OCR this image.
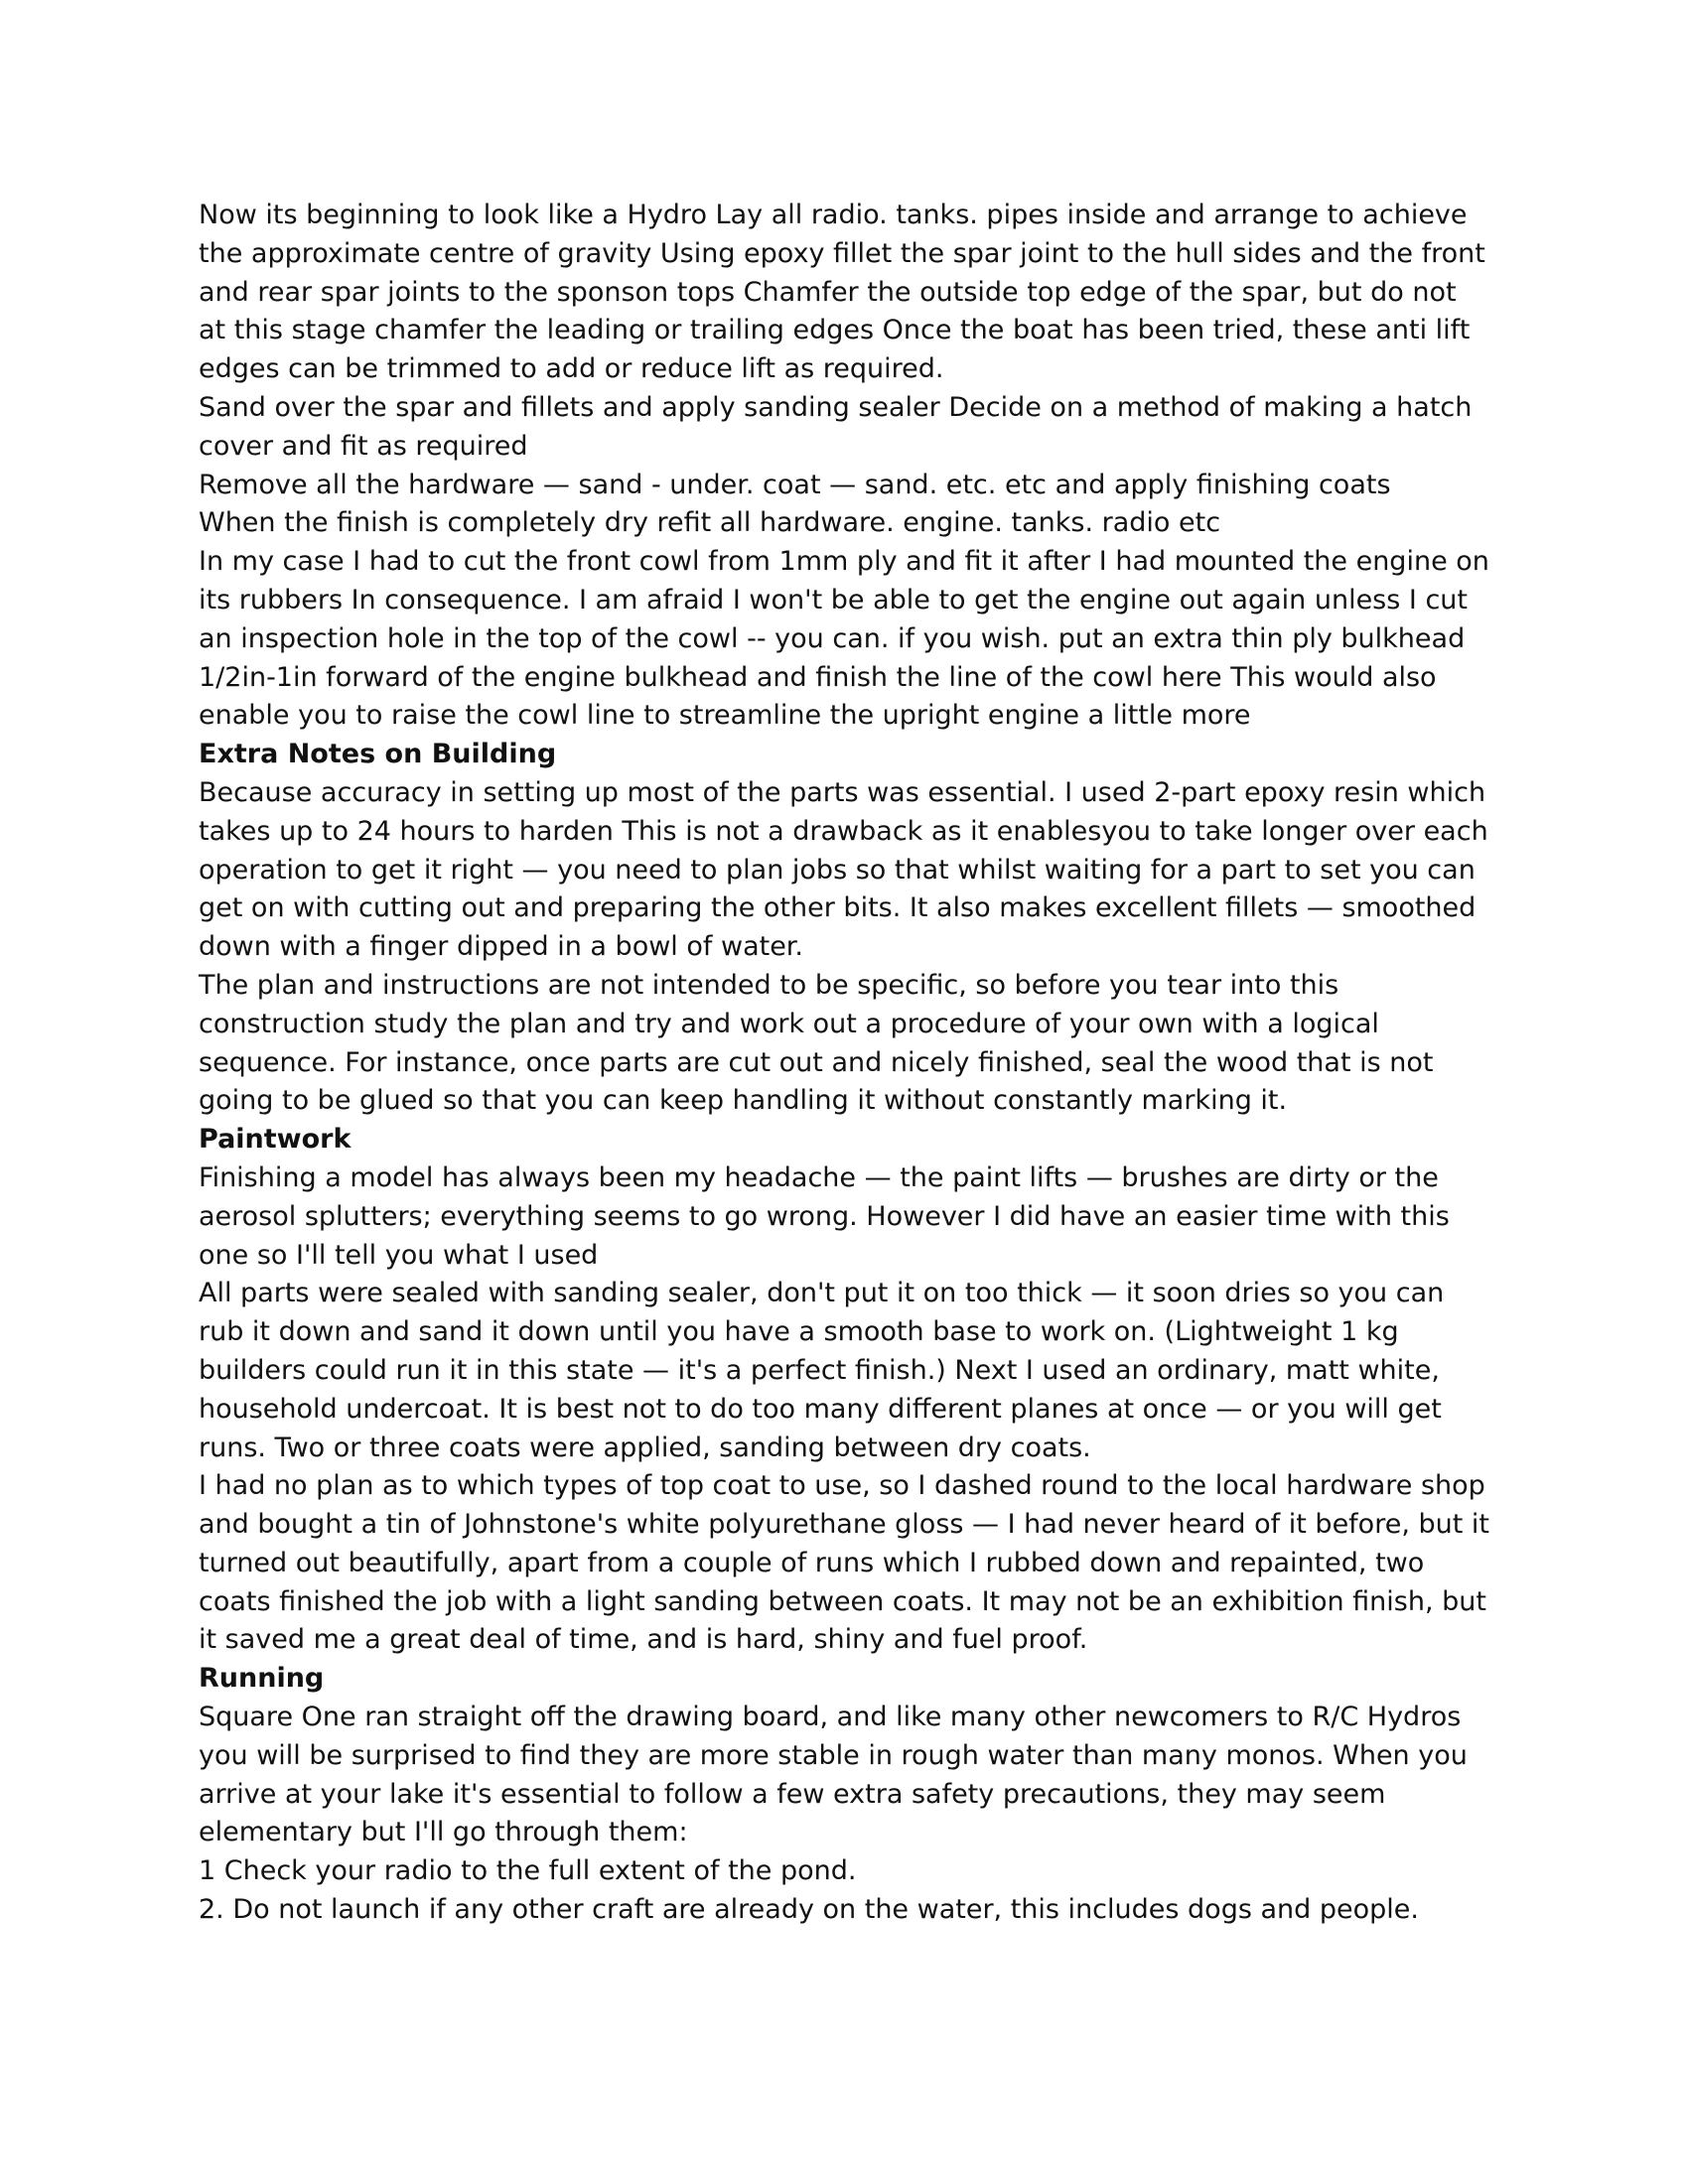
Now its beginning to look like a Hydro Lay all radio. tanks. pipes inside and arrange to achieve the approximate centre of gravity Using epoxy fillet the spar joint to the hull sides and the front and rear spar joints to the sponson tops Chamfer the outside top edge of the spar, but do not at this stage chamfer the leading or trailing edges Once the boat has been tried, these anti lift edges can be trimmed to add or reduce lift as required.

Sand over the spar and fillets and apply sanding sealer Decide on a method of making a hatch cover and fit as required

Remove all the hardware — sand - under. coat — sand. etc. etc and apply finishing coats

When the finish is completely dry refit all hardware. engine. tanks. radio etc

In my case I had to cut the front cowl from 1mm ply and fit it after I had mounted the engine on its rubbers In consequence. I am afraid I won't be able to get the engine out again unless I cut an inspection hole in the top of the cowl -- you can. if you wish. put an extra thin ply bulkhead 1/2in-1in forward of the engine bulkhead and finish the line of the cowl here This would also enable you to raise the cowl line to streamline the upright engine a little more

Extra Notes on Building

Because accuracy in setting up most of the parts was essential. I used 2-part epoxy resin which takes up to 24 hours to harden This is not a drawback as it enablesyou to take longer over each operation to get it right — you need to plan jobs so that whilst waiting for a part to set you can get on with cutting out and preparing the other bits. It also makes excellent fillets — smoothed down with a finger dipped in a bowl of water.

The plan and instructions are not intended to be specific, so before you tear into this construction study the plan and try and work out a procedure of your own with a logical sequence. For instance, once parts are cut out and nicely finished, seal the wood that is not going to be glued so that you can keep handling it without constantly marking it.

Paintwork

Finishing a model has always been my headache — the paint lifts — brushes are dirty or the aerosol splutters; everything seems to go wrong. However I did have an easier time with this one so I'll tell you what I used

All parts were sealed with sanding sealer, don't put it on too thick — it soon dries so you can rub it down and sand it down until you have a smooth base to work on. (Lightweight 1 kg builders could run it in this state — it's a perfect finish.) Next I used an ordinary, matt white, household undercoat. It is best not to do too many different planes at once — or you will get runs. Two or three coats were applied, sanding between dry coats.

I had no plan as to which types of top coat to use, so I dashed round to the local hardware shop and bought a tin of Johnstone's white polyurethane gloss — I had never heard of it before, but it turned out beautifully, apart from a couple of runs which I rubbed down and repainted, two coats finished the job with a light sanding between coats. It may not be an exhibition finish, but it saved me a great deal of time, and is hard, shiny and fuel proof.

Running

Square One ran straight off the drawing board, and like many other newcomers to R/C Hydros you will be surprised to find they are more stable in rough water than many monos. When you arrive at your lake it's essential to follow a few extra safety precautions, they may seem elementary but I'll go through them:

1 Check your radio to the full extent of the pond.

2. Do not launch if any other craft are already on the water, this includes dogs and people.
